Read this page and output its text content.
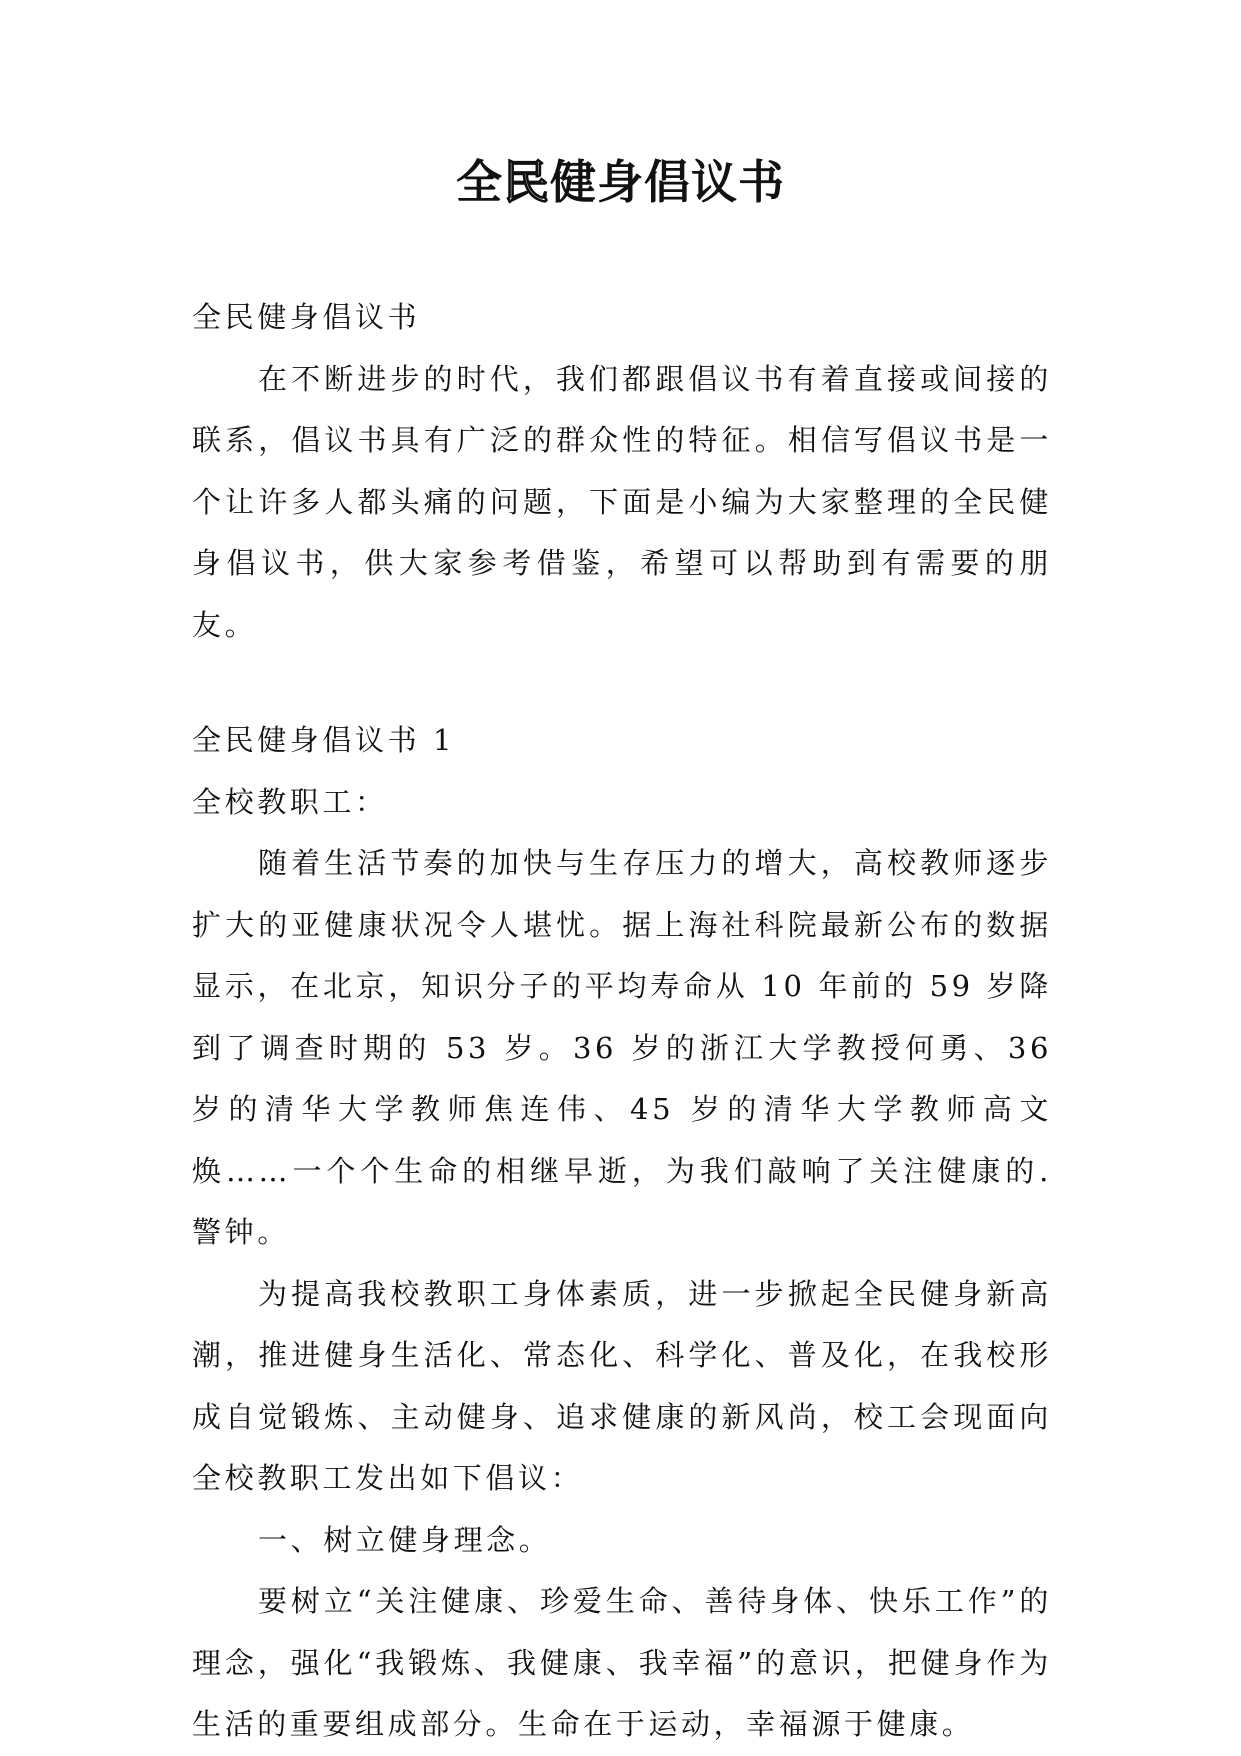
全民健身倡议书

全民健身倡议书

在不断进步的时代，我们都跟倡议书有着直接或间接的联系，倡议书具有广泛的群众性的特征。相信写倡议书是一个让许多人都头痛的问题，下面是小编为大家整理的全民健身倡议书，供大家参考借鉴，希望可以帮助到有需要的朋友。

全民健身倡议书 1

全校教职工：

随着生活节奏的加快与生存压力的增大，高校教师逐步扩大的亚健康状况令人堪忧。据上海社科院最新公布的数据显示，在北京，知识分子的平均寿命从 10 年前的 59 岁降到了调查时期的 53 岁。36 岁的浙江大学教授何勇、36 岁的清华大学教师焦连伟、45 岁的清华大学教师高文焕……一个个生命的相继早逝，为我们敲响了关注健康的.警钟。

为提高我校教职工身体素质，进一步掀起全民健身新高潮，推进健身生活化、常态化、科学化、普及化，在我校形成自觉锻炼、主动健身、追求健康的新风尚，校工会现面向全校教职工发出如下倡议：

一、树立健身理念。

要树立“关注健康、珍爱生命、善待身体、快乐工作”的理念，强化“我锻炼、我健康、我幸福”的意识，把健身作为生活的重要组成部分。生命在于运动，幸福源于健康。
